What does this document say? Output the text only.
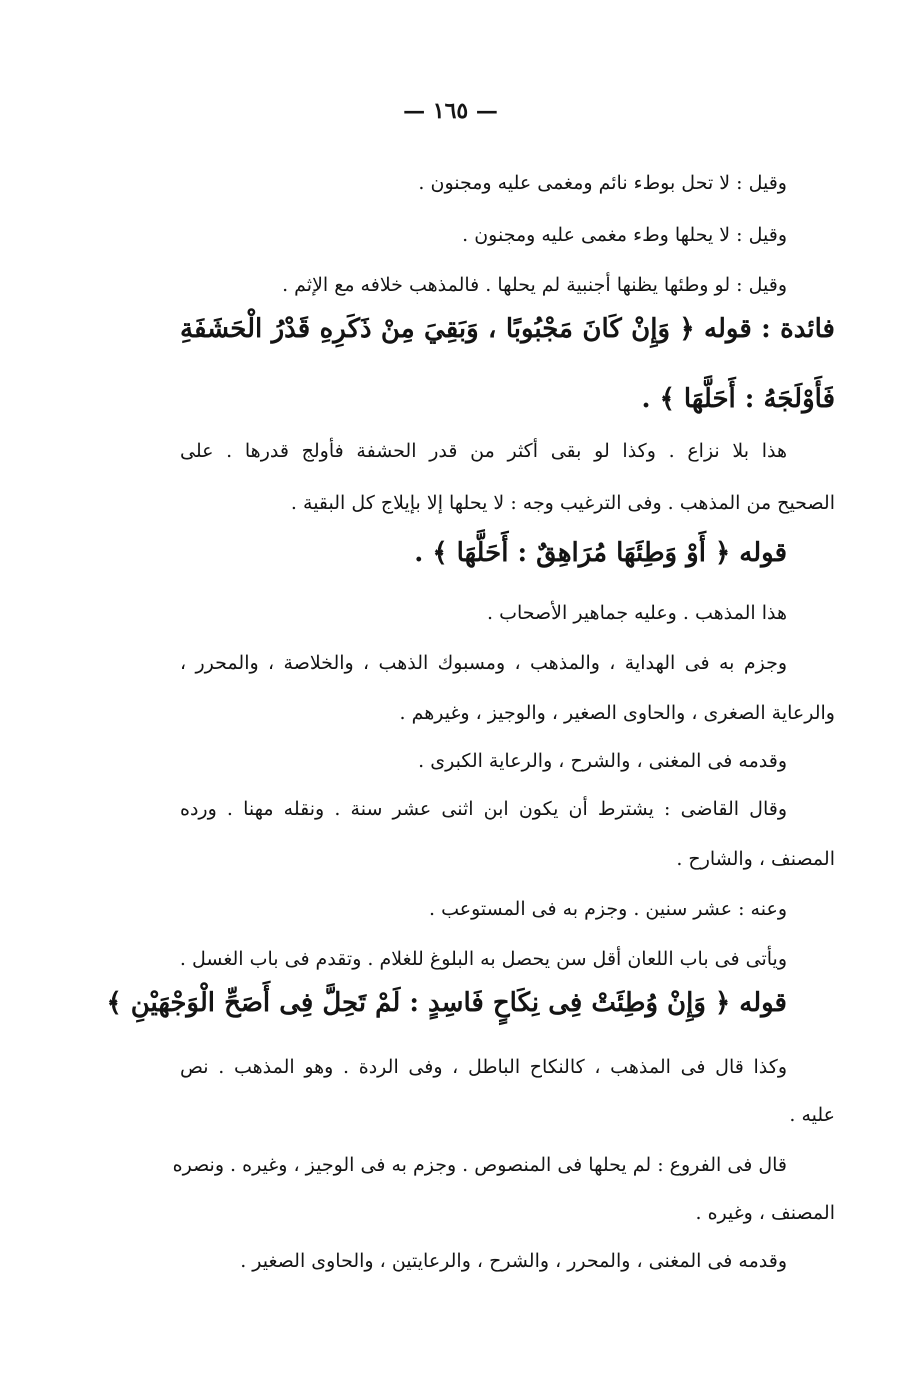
— ١٦٥ —
وقيل : لا تحل بوطء نائم ومغمى عليه ومجنون .
وقيل : لا يحلها وطء مغمى عليه ومجنون .
وقيل : لو وطئها يظنها أجنبية لم يحلها . فالمذهب خلافه مع الإثم .
فائدة : قوله ﴿ وَإِنْ كَانَ مَجْبُوبًا ، وَبَقِيَ مِنْ ذَكَرِهِ قَدْرُ الْحَشَفَةِ
فَأَوْلَجَهُ : أَحَلَّهَا ﴾ .
هذا بلا نزاع . وكذا لو بقى أكثر من قدر الحشفة فأولج قدرها . على
الصحيح من المذهب . وفى الترغيب وجه : لا يحلها إلا بإيلاج كل البقية .
قوله ﴿ أَوْ وَطِئَهَا مُرَاهِقٌ : أَحَلَّهَا ﴾ .
هذا المذهب . وعليه جماهير الأصحاب .
وجزم به فى الهداية ، والمذهب ، ومسبوك الذهب ، والخلاصة ، والمحرر ،
والرعاية الصغرى ، والحاوى الصغير ، والوجيز ، وغيرهم .
وقدمه فى المغنى ، والشرح ، والرعاية الكبرى .
وقال القاضى : يشترط أن يكون ابن اثنى عشر سنة . ونقله مهنا . ورده
المصنف ، والشارح .
وعنه : عشر سنين . وجزم به فى المستوعب .
ويأتى فى باب اللعان أقل سن يحصل به البلوغ للغلام . وتقدم فى باب الغسل .
قوله ﴿ وَإِنْ وُطِئَتْ فِى نِكَاحٍ فَاسِدٍ : لَمْ تَحِلَّ فِى أَصَحِّ الْوَجْهَيْنِ ﴾
وكذا قال فى المذهب ، كالنكاح الباطل ، وفى الردة . وهو المذهب . نص
عليه .
قال فى الفروع : لم يحلها فى المنصوص . وجزم به فى الوجيز ، وغيره . ونصره
المصنف ، وغيره .
وقدمه فى المغنى ، والمحرر ، والشرح ، والرعايتين ، والحاوى الصغير .
